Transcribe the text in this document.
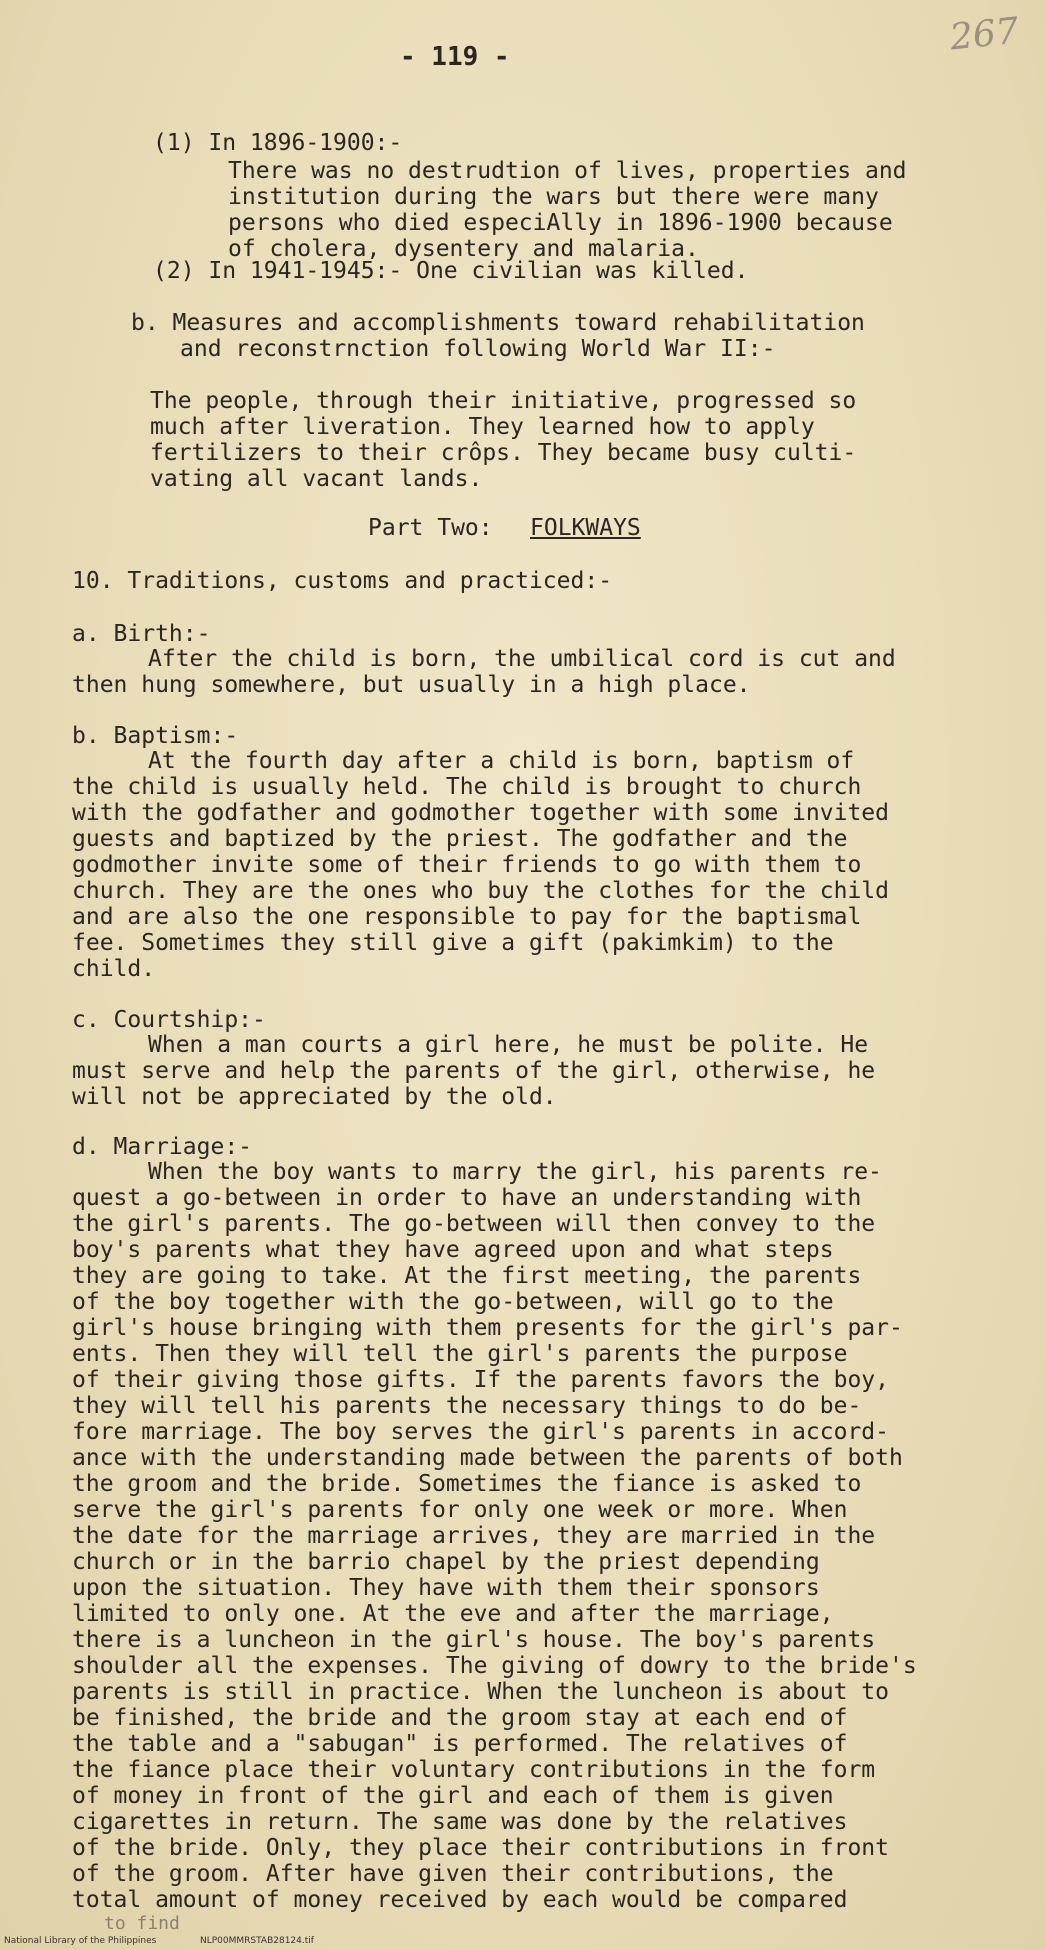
267
- 119 -
(1) In 1896-1900:-
There was no destrudtion of lives, properties and
institution during the wars but there were many
persons who died especiAlly in 1896-1900 because
of cholera, dysentery and malaria.
(2) In 1941-1945:- One civilian was killed.
b. Measures and accomplishments toward rehabilitation
and reconstrnction following World War II:-
The people, through their initiative, progressed so
much after liveration. They learned how to apply
fertilizers to their crôps. They became busy culti-
vating all vacant lands.
Part Two: FOLKWAYS
10. Traditions, customs and practiced:-
a. Birth:-
After the child is born, the umbilical cord is cut and
then hung somewhere, but usually in a high place.
b. Baptism:-
At the fourth day after a child is born, baptism of
the child is usually held. The child is brought to church
with the godfather and godmother together with some invited
guests and baptized by the priest. The godfather and the
godmother invite some of their friends to go with them to
church. They are the ones who buy the clothes for the child
and are also the one responsible to pay for the baptismal
fee. Sometimes they still give a gift (pakimkim) to the
child.
c. Courtship:-
When a man courts a girl here, he must be polite. He
must serve and help the parents of the girl, otherwise, he
will not be appreciated by the old.
d. Marriage:-
When the boy wants to marry the girl, his parents re-
quest a go-between in order to have an understanding with
the girl's parents. The go-between will then convey to the
boy's parents what they have agreed upon and what steps
they are going to take. At the first meeting, the parents
of the boy together with the go-between, will go to the
girl's house bringing with them presents for the girl's par-
ents. Then they will tell the girl's parents the purpose
of their giving those gifts. If the parents favors the boy,
they will tell his parents the necessary things to do be-
fore marriage. The boy serves the girl's parents in accord-
ance with the understanding made between the parents of both
the groom and the bride. Sometimes the fiance is asked to
serve the girl's parents for only one week or more. When
the date for the marriage arrives, they are married in the
church or in the barrio chapel by the priest depending
upon the situation. They have with them their sponsors
limited to only one. At the eve and after the marriage,
there is a luncheon in the girl's house. The boy's parents
shoulder all the expenses. The giving of dowry to the bride's
parents is still in practice. When the luncheon is about to
be finished, the bride and the groom stay at each end of
the table and a "sabugan" is performed. The relatives of
the fiance place their voluntary contributions in the form
of money in front of the girl and each of them is given
cigarettes in return. The same was done by the relatives
of the bride. Only, they place their contributions in front
of the groom. After have given their contributions, the
total amount of money received by each would be compared
to find
National Library of the Philippines	NLP00MMRSTAB28124.tif
